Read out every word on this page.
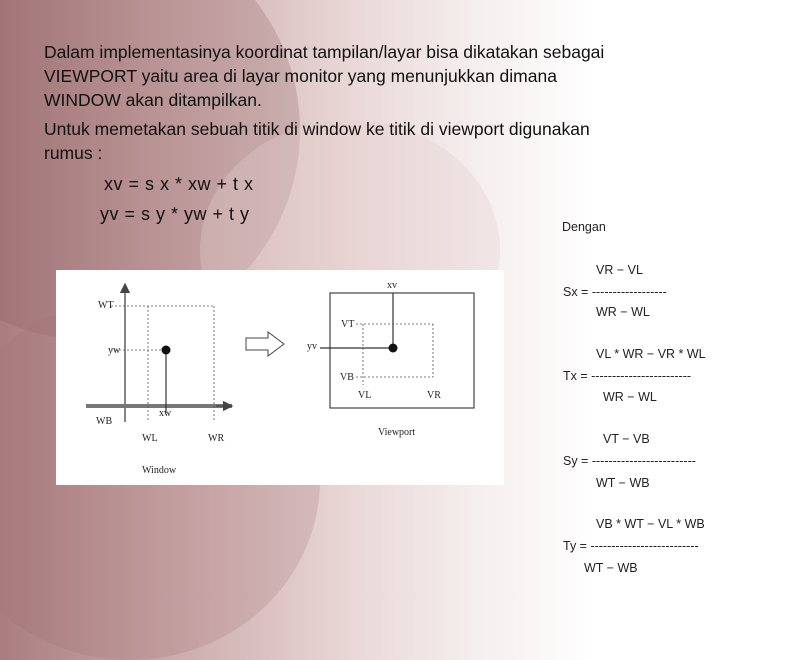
Dalam implementasinya koordinat tampilan/layar bisa dikatakan sebagai

VIEWPORT yaitu area di layar monitor yang menunjukkan dimana

WINDOW akan ditampilkan.

Untuk memetakan sebuah titik di window ke titik di viewport digunakan

rumus :

xv = s x * xw + t x
yv = s y * yw + t y
Dengan
VR − VL
Sx = ------------------
WR − WL
VL * WR − VR * WL
Tx = ------------------------
WR − WL
VT − VB
Sy = -------------------------
WT − WB
VB * WT − VL * WB
Ty = --------------------------
WT − WB
WT
yw
WB
xw
WL	WR
Window
xv
yv
VT
VB
VL	VR
Viewport
